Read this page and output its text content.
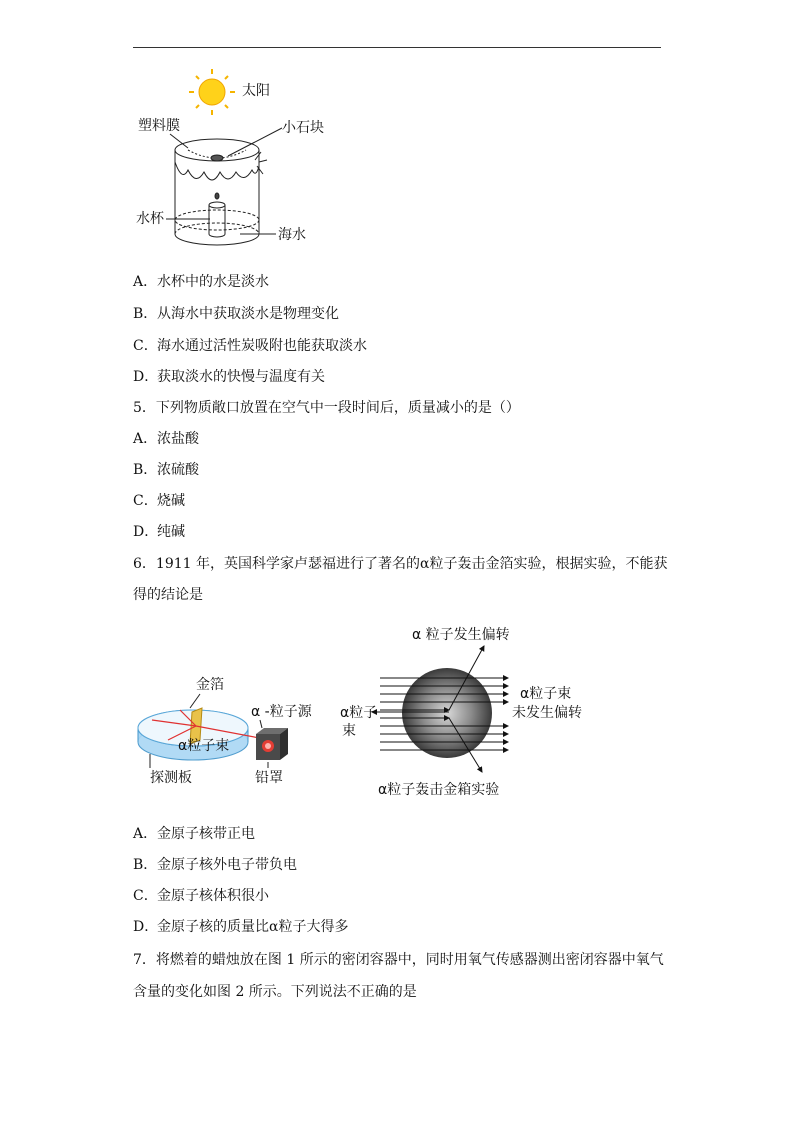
太阳
塑料膜	小石块
水杯
海水
A．水杯中的水是淡水
B．从海水中获取淡水是物理变化
C．海水通过活性炭吸附也能获取淡水
D．获取淡水的快慢与温度有关
5．下列物质敞口放置在空气中一段时间后，质量减小的是（）
A．浓盐酸
B．浓硫酸
C．烧碱
D．纯碱
6．1911 年，英国科学家卢瑟福进行了著名的α粒子轰击金箔实验，根据实验，不能获
得的结论是
金箔
α粒子束
α -粒子源
铅罩
探测板
α 粒子发生偏转
α粒子
束
α粒子束
未发生偏转
α粒子轰击金箱实验
A．金原子核带正电
B．金原子核外电子带负电
C．金原子核体积很小
D．金原子核的质量比α粒子大得多
7．将燃着的蜡烛放在图 1 所示的密闭容器中，同时用氧气传感器测出密闭容器中氧气
含量的变化如图 2 所示。下列说法不正确的是
